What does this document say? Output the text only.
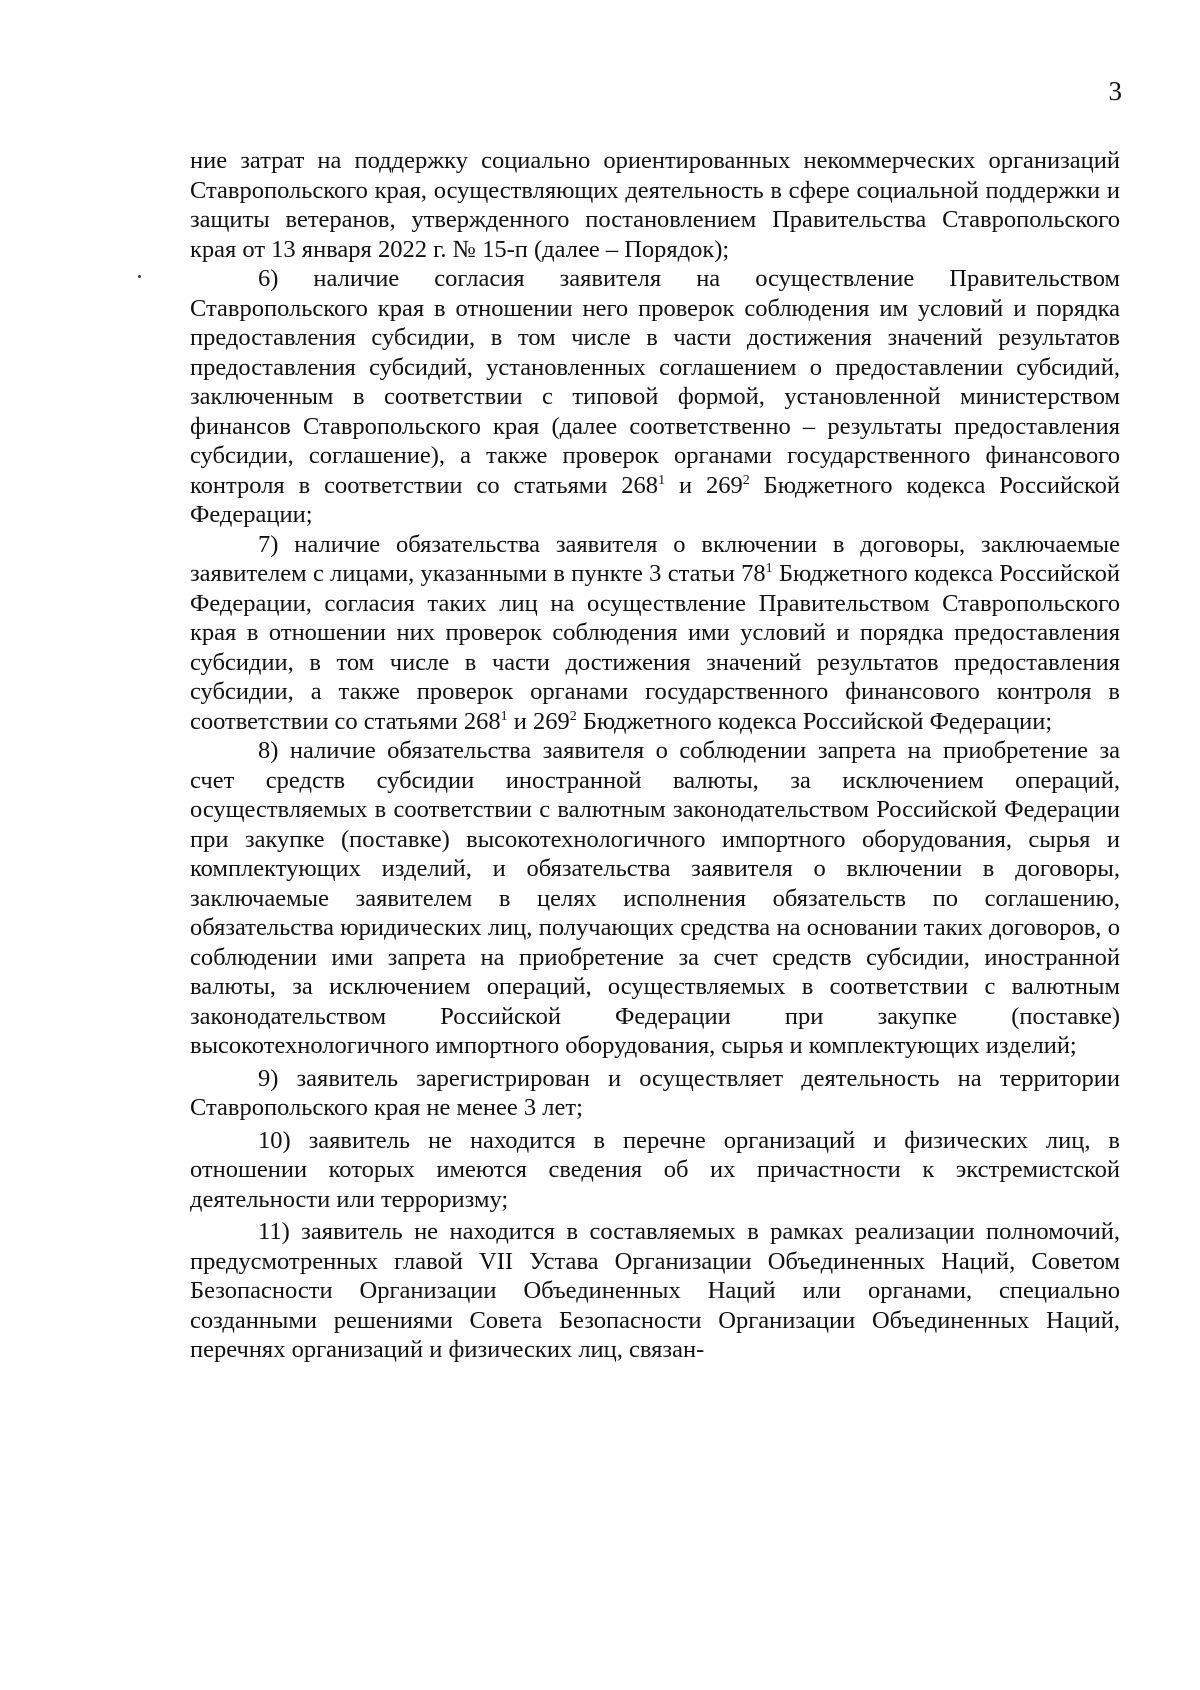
3

ние затрат на поддержку социально ориентированных некоммерческих организаций Ставропольского края, осуществляющих деятельность в сфере социальной поддержки и защиты ветеранов, утвержденного постановлением Правительства Ставропольского края от 13 января 2022 г. № 15-п (далее – Порядок);

6) наличие согласия заявителя на осуществление Правительством Ставропольского края в отношении него проверок соблюдения им условий и порядка предоставления субсидии, в том числе в части достижения значений результатов предоставления субсидий, установленных соглашением о предоставлении субсидий, заключенным в соответствии с типовой формой, установленной министерством финансов Ставропольского края (далее соответственно – результаты предоставления субсидии, соглашение), а также проверок органами государственного финансового контроля в соответствии со статьями $268^1$ и $269^2$ Бюджетного кодекса Российской Федерации;

7) наличие обязательства заявителя о включении в договоры, заключаемые заявителем с лицами, указанными в пункте 3 статьи $78^1$ Бюджетного кодекса Российской Федерации, согласия таких лиц на осуществление Правительством Ставропольского края в отношении них проверок соблюдения ими условий и порядка предоставления субсидии, в том числе в части достижения значений результатов предоставления субсидии, а также проверок органами государственного финансового контроля в соответствии со статьями $268^1$ и $269^2$ Бюджетного кодекса Российской Федерации;

8) наличие обязательства заявителя о соблюдении запрета на приобретение за счет средств субсидии иностранной валюты, за исключением операций, осуществляемых в соответствии с валютным законодательством Российской Федерации при закупке (поставке) высокотехнологичного импортного оборудования, сырья и комплектующих изделий, и обязательства заявителя о включении в договоры, заключаемые заявителем в целях исполнения обязательств по соглашению, обязательства юридических лиц, получающих средства на основании таких договоров, о соблюдении ими запрета на приобретение за счет средств субсидии, иностранной валюты, за исключением операций, осуществляемых в соответствии с валютным законодательством Российской Федерации при закупке (поставке) высокотехнологичного импортного оборудования, сырья и комплектующих изделий;

9) заявитель зарегистрирован и осуществляет деятельность на территории Ставропольского края не менее 3 лет;

10) заявитель не находится в перечне организаций и физических лиц, в отношении которых имеются сведения об их причастности к экстремистской деятельности или терроризму;

11) заявитель не находится в составляемых в рамках реализации полномочий, предусмотренных главой VII Устава Организации Объединенных Наций, Советом Безопасности Организации Объединенных Наций или органами, специально созданными решениями Совета Безопасности Организации Объединенных Наций, перечнях организаций и физических лиц, связан-
